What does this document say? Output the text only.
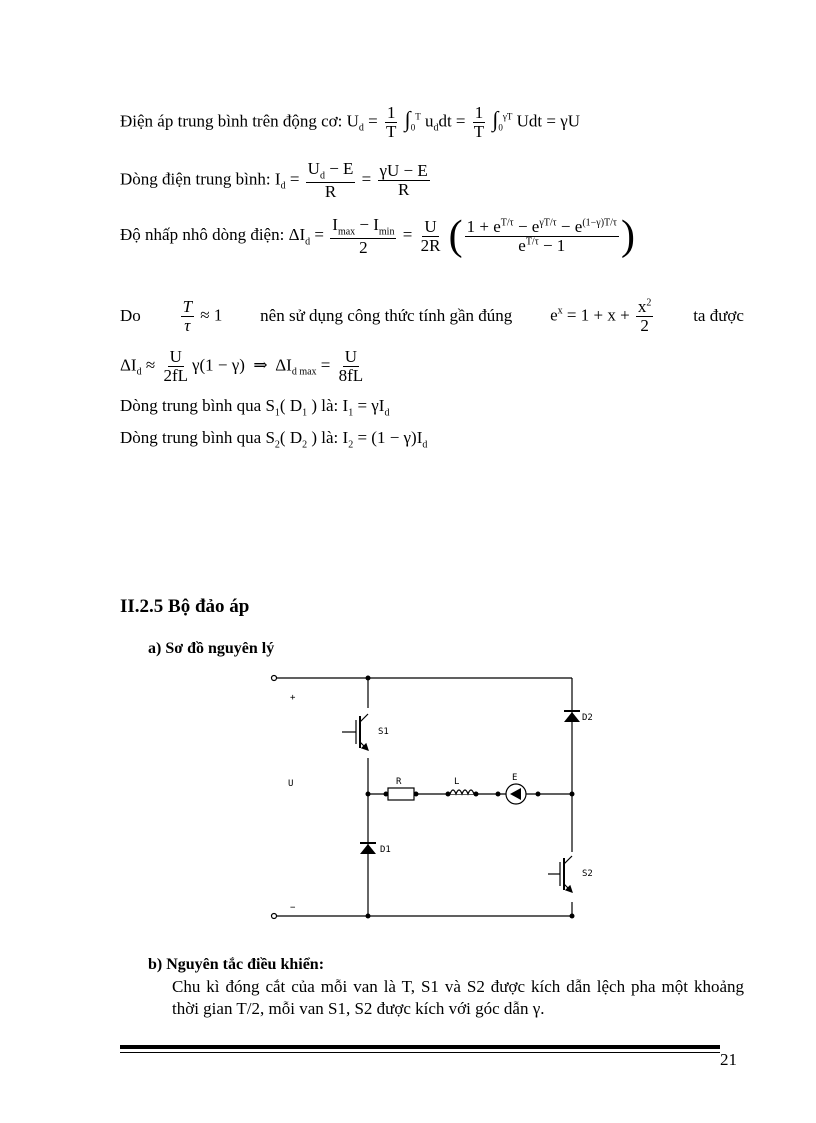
Điện áp trung bình trên động cơ: $U_d = \frac{1}{T} \int_0^T$ $u_ddt = \frac{1}{T} \int_0^{\gamma T}$ Udt = γU
Dòng điện trung bình: $I_d = \frac{U_d - E}{R} = \frac{\gamma U - E}{R}$
Độ nhấp nhô dòng điện: $\Delta I_d = \frac{I_{max} - I_{min}}{2} = \frac{U}{2R}$ ( $\frac{1 + e^{T/\tau} - e^{\gamma T/\tau} - e^{(1-\gamma)T/\tau}}{e^{T/\tau} - 1}$ )
Do $\frac{T}{\tau} \approx 1$ nên sử dụng công thức tính gần đúng $e^x = 1 + x + \frac{x^2}{2}$ ta được
$\Delta I_d \approx \frac{U}{2fL} \gamma(1 - \gamma)$  ⇒  $\Delta I_{d max} = \frac{U}{8fL}$
Dòng trung bình qua $S_1$( $D_1$ ) là: $I_1 = \gamma I_d$
Dòng trung bình qua $S_2$( $D_2$ ) là: $I_2 = (1 - \gamma)I_d$
II.2.5 Bộ đảo áp
a) Sơ đồ nguyên lý
+
U
−
S1
S2
D1
D2
R	L	E
b) Nguyên tắc điều khiển:
Chu kì đóng cắt của mỗi van là T, S1 và S2 được kích dẫn lệch pha một khoảng thời gian T/2, mỗi van S1, S2 được kích với góc dẫn γ.
21
